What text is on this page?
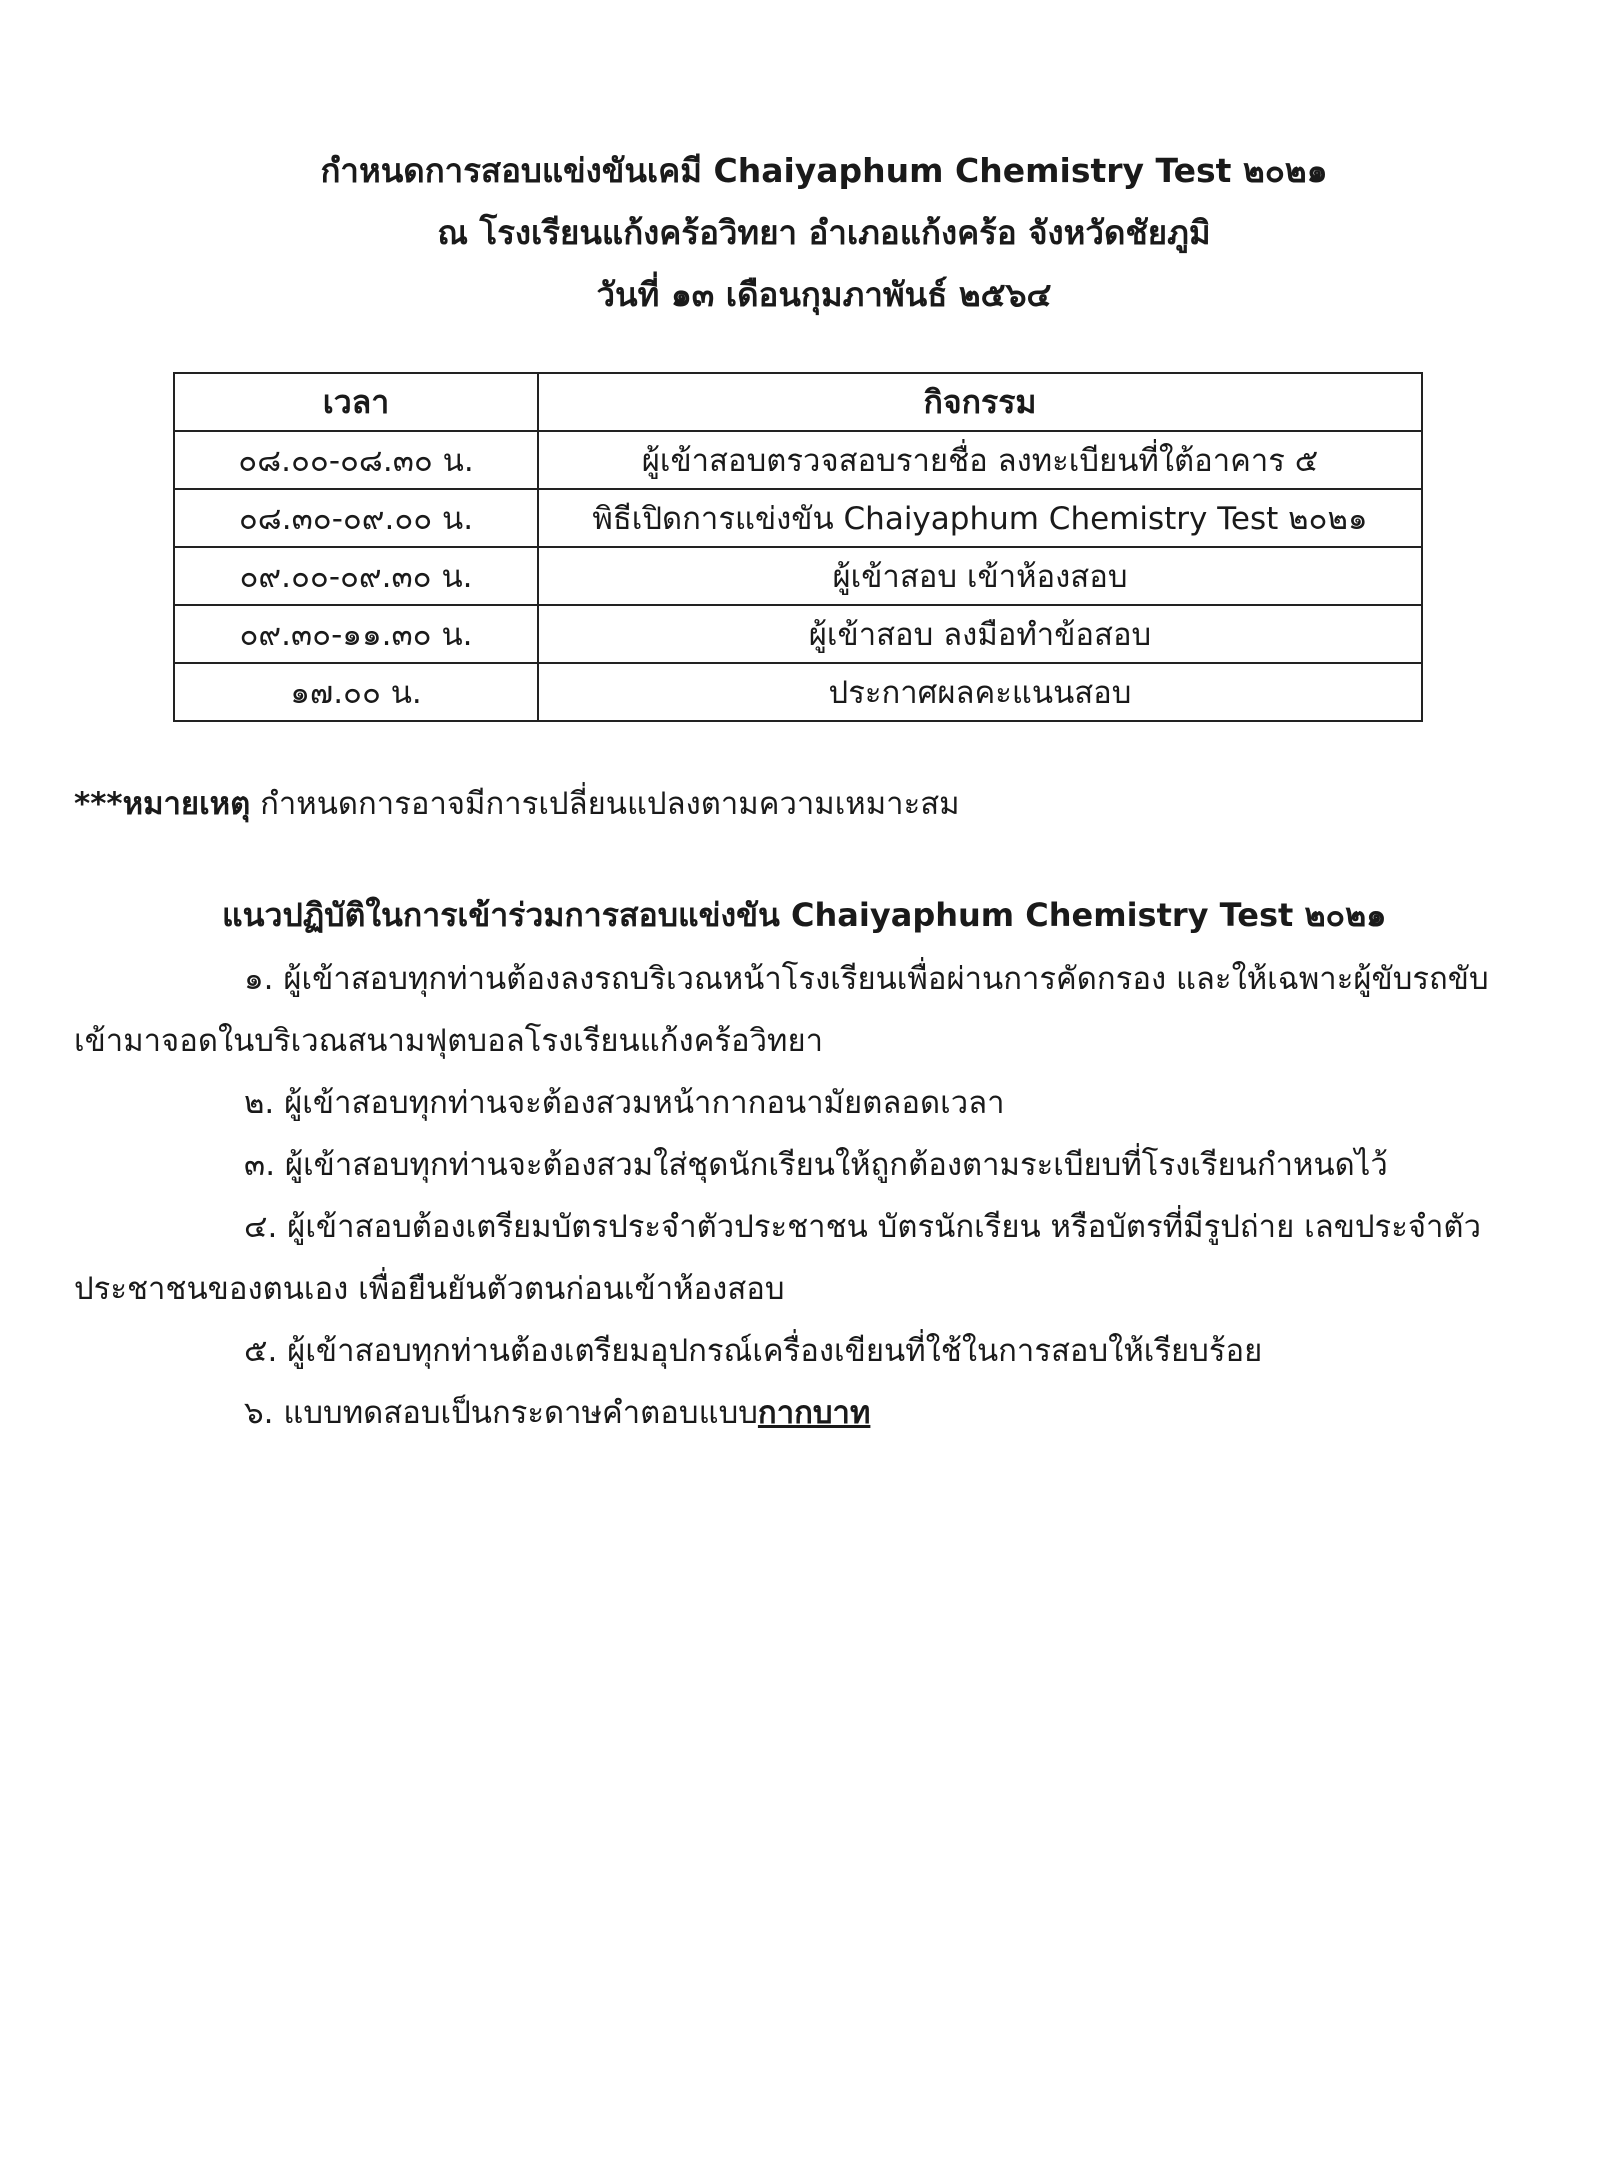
กำหนดการสอบแข่งขันเคมี Chaiyaphum Chemistry Test ๒๐๒๑
ณ โรงเรียนแก้งคร้อวิทยา อำเภอแก้งคร้อ จังหวัดชัยภูมิ
วันที่ ๑๓ เดือนกุมภาพันธ์ ๒๕๖๔
เวลา	กิจกรรม
๐๘.๐๐-๐๘.๓๐ น.	ผู้เข้าสอบตรวจสอบรายชื่อ ลงทะเบียนที่ใต้อาคาร ๕
๐๘.๓๐-๐๙.๐๐ น.	พิธีเปิดการแข่งขัน Chaiyaphum Chemistry Test ๒๐๒๑
๐๙.๐๐-๐๙.๓๐ น.	ผู้เข้าสอบ เข้าห้องสอบ
๐๙.๓๐-๑๑.๓๐ น.	ผู้เข้าสอบ ลงมือทำข้อสอบ
๑๗.๐๐ น.	ประกาศผลคะแนนสอบ
***หมายเหตุ กำหนดการอาจมีการเปลี่ยนแปลงตามความเหมาะสม
แนวปฏิบัติในการเข้าร่วมการสอบแข่งขัน Chaiyaphum Chemistry Test ๒๐๒๑

๑. ผู้เข้าสอบทุกท่านต้องลงรถบริเวณหน้าโรงเรียนเพื่อผ่านการคัดกรอง และให้เฉพาะผู้ขับรถขับเข้ามาจอดในบริเวณสนามฟุตบอลโรงเรียนแก้งคร้อวิทยา

๒. ผู้เข้าสอบทุกท่านจะต้องสวมหน้ากากอนามัยตลอดเวลา

๓. ผู้เข้าสอบทุกท่านจะต้องสวมใส่ชุดนักเรียนให้ถูกต้องตามระเบียบที่โรงเรียนกำหนดไว้

๔. ผู้เข้าสอบต้องเตรียมบัตรประจำตัวประชาชน บัตรนักเรียน หรือบัตรที่มีรูปถ่าย เลขประจำตัวประชาชนของตนเอง เพื่อยืนยันตัวตนก่อนเข้าห้องสอบ

๕. ผู้เข้าสอบทุกท่านต้องเตรียมอุปกรณ์เครื่องเขียนที่ใช้ในการสอบให้เรียบร้อย

๖. แบบทดสอบเป็นกระดาษคำตอบแบบกากบาท
